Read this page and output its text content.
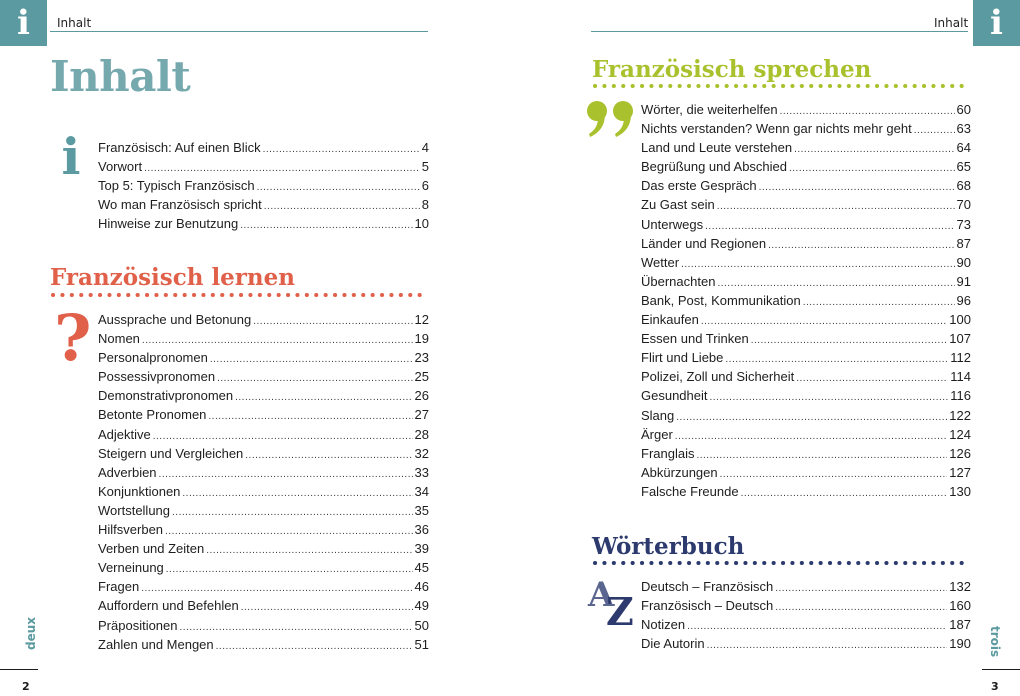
i	Inhalt
Inhalt
i Französisch: Auf einen Blick .....	4
Vorwort .....	5
Top 5: Typisch Französisch .....	6
Wo man Französisch spricht .....	8
Hinweise zur Benutzung .....	10
Französisch lernen
? Aussprache und Betonung .....	12
Nomen .....	19
Personalpronomen .....	23
Possessivpronomen .....	25
Demonstrativpronomen .....	26
Betonte Pronomen .....	27
Adjektive .....	28
Steigern und Vergleichen .....	32
Adverbien .....	33
Konjunktionen .....	34
Wortstellung .....	35
Hilfsverben .....	36
Verben und Zeiten .....	39
Verneinung .....	45
Fragen .....	46
Auffordern und Befehlen .....	49
Präpositionen .....	50
Zahlen und Mengen .....	51
deux
2
i
Inhalt
Französisch sprechen
Wörter, die weiterhelfen .....	60
Nichts verstanden? Wenn gar nichts mehr geht .....	63
Land und Leute verstehen .....	64
Begrüßung und Abschied .....	65
Das erste Gespräch .....	68
Zu Gast sein .....	70
Unterwegs .....	73
Länder und Regionen .....	87
Wetter .....	90
Übernachten .....	91
Bank, Post, Kommunikation .....	96
Einkaufen .....	100
Essen und Trinken .....	107
Flirt und Liebe .....	112
Polizei, Zoll und Sicherheit .....	114
Gesundheit .....	116
Slang .....	122
Ärger .....	124
Franglais .....	126
Abkürzungen .....	127
Falsche Freunde .....	130
Wörterbuch
A
Z
Deutsch – Französisch .....	132
Französisch – Deutsch .....	160
Notizen .....	187
Die Autorin .....	190 trois
3
